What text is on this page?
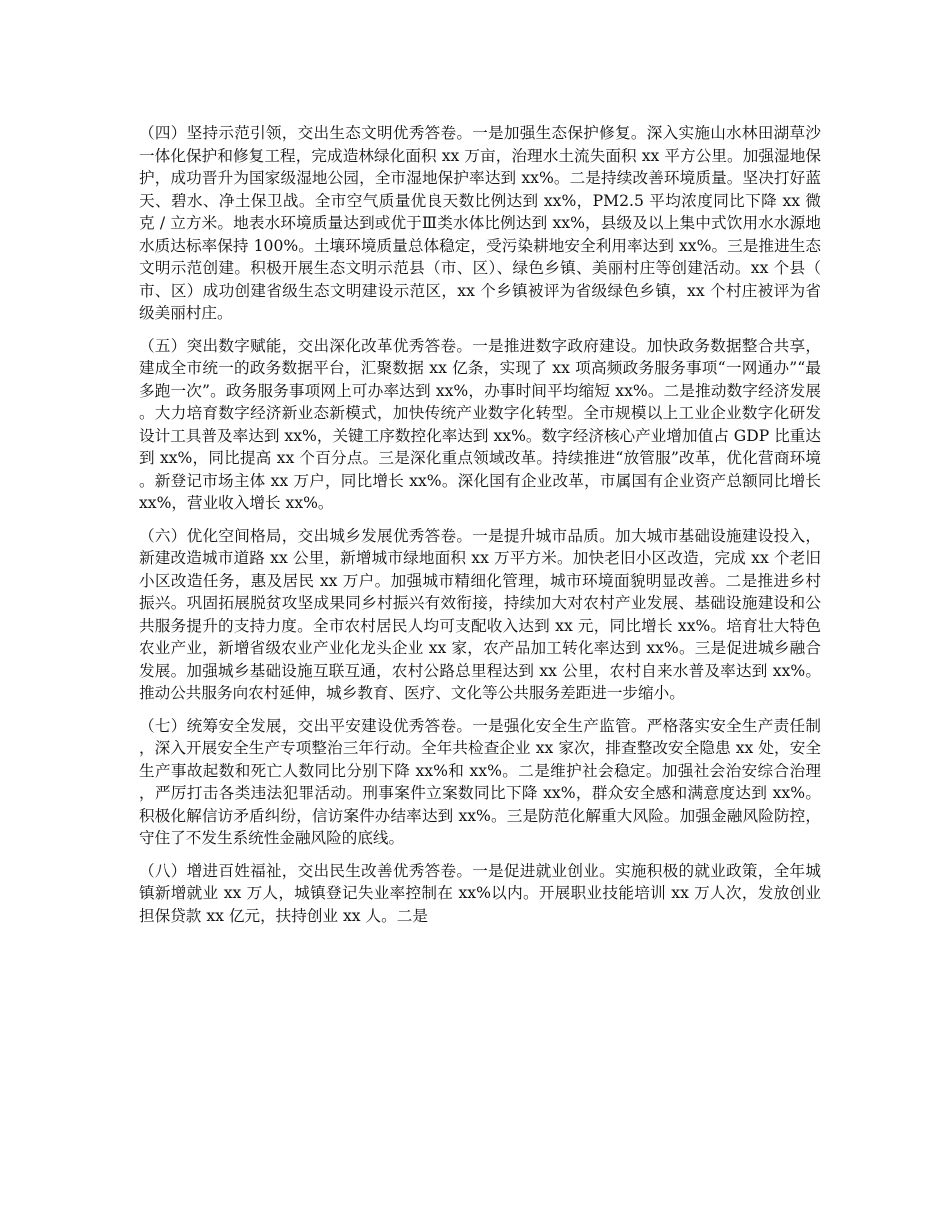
（四）坚持示范引领，交出生态文明优秀答卷。一是加强生态保护修复。深入实施山水林田湖草沙一体化保护和修复工程，完成造林绿化面积 xx 万亩，治理水土流失面积 xx 平方公里。加强湿地保护，成功晋升为国家级湿地公园，全市湿地保护率达到 xx%。二是持续改善环境质量。坚决打好蓝天、碧水、净土保卫战。全市空气质量优良天数比例达到 xx%，PM2.5 平均浓度同比下降 xx 微克 / 立方米。地表水环境质量达到或优于Ⅲ类水体比例达到 xx%，县级及以上集中式饮用水水源地水质达标率保持 100%。土壤环境质量总体稳定，受污染耕地安全利用率达到 xx%。三是推进生态文明示范创建。积极开展生态文明示范县（市、区）、绿色乡镇、美丽村庄等创建活动。xx 个县（市、区）成功创建省级生态文明建设示范区，xx 个乡镇被评为省级绿色乡镇，xx 个村庄被评为省级美丽村庄。

（五）突出数字赋能，交出深化改革优秀答卷。一是推进数字政府建设。加快政务数据整合共享，建成全市统一的政务数据平台，汇聚数据 xx 亿条，实现了 xx 项高频政务服务事项“一网通办”“最多跑一次”。政务服务事项网上可办率达到 xx%，办事时间平均缩短 xx%。二是推动数字经济发展。大力培育数字经济新业态新模式，加快传统产业数字化转型。全市规模以上工业企业数字化研发设计工具普及率达到 xx%，关键工序数控化率达到 xx%。数字经济核心产业增加值占 GDP 比重达到 xx%，同比提高 xx 个百分点。三是深化重点领域改革。持续推进“放管服”改革，优化营商环境。新登记市场主体 xx 万户，同比增长 xx%。深化国有企业改革，市属国有企业资产总额同比增长 xx%，营业收入增长 xx%。

（六）优化空间格局，交出城乡发展优秀答卷。一是提升城市品质。加大城市基础设施建设投入，新建改造城市道路 xx 公里，新增城市绿地面积 xx 万平方米。加快老旧小区改造，完成 xx 个老旧小区改造任务，惠及居民 xx 万户。加强城市精细化管理，城市环境面貌明显改善。二是推进乡村振兴。巩固拓展脱贫攻坚成果同乡村振兴有效衔接，持续加大对农村产业发展、基础设施建设和公共服务提升的支持力度。全市农村居民人均可支配收入达到 xx 元，同比增长 xx%。培育壮大特色农业产业，新增省级农业产业化龙头企业 xx 家，农产品加工转化率达到 xx%。三是促进城乡融合发展。加强城乡基础设施互联互通，农村公路总里程达到 xx 公里，农村自来水普及率达到 xx%。推动公共服务向农村延伸，城乡教育、医疗、文化等公共服务差距进一步缩小。

（七）统筹安全发展，交出平安建设优秀答卷。一是强化安全生产监管。严格落实安全生产责任制，深入开展安全生产专项整治三年行动。全年共检查企业 xx 家次，排查整改安全隐患 xx 处，安全生产事故起数和死亡人数同比分别下降 xx%和 xx%。二是维护社会稳定。加强社会治安综合治理，严厉打击各类违法犯罪活动。刑事案件立案数同比下降 xx%，群众安全感和满意度达到 xx%。积极化解信访矛盾纠纷，信访案件办结率达到 xx%。三是防范化解重大风险。加强金融风险防控，守住了不发生系统性金融风险的底线。

（八）增进百姓福祉，交出民生改善优秀答卷。一是促进就业创业。实施积极的就业政策，全年城镇新增就业 xx 万人，城镇登记失业率控制在 xx%以内。开展职业技能培训 xx 万人次，发放创业担保贷款 xx 亿元，扶持创业 xx 人。二是
